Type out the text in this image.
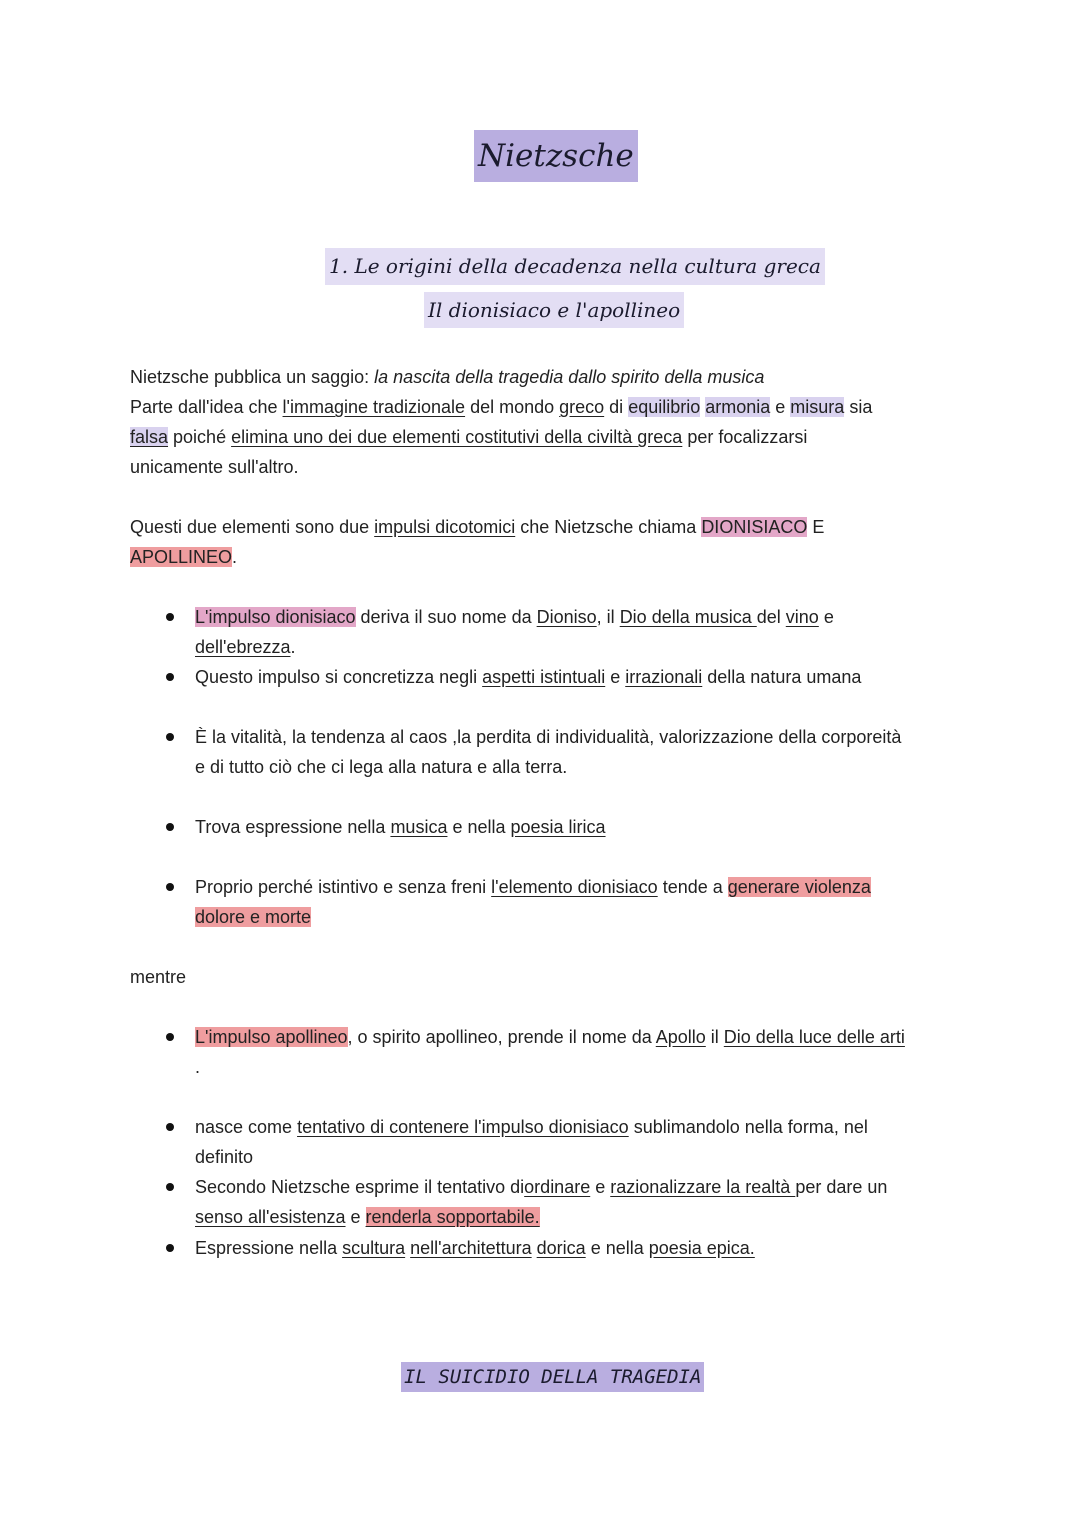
Nietzsche
1. Le origini della decadenza nella cultura greca
Il dionisiaco e l'apollineo
Nietzsche pubblica un saggio: la nascita della tragedia dallo spirito della musica
Parte dall'idea che l'immagine tradizionale del mondo greco di equilibrio armonia e misura sia
falsa poiché elimina uno dei due elementi costitutivi della civiltà greca per focalizzarsi
unicamente sull'altro.
Questi due elementi sono due impulsi dicotomici che Nietzsche chiama DIONISIACO E
APOLLINEO.
L'impulso dionisiaco deriva il suo nome da Dioniso, il Dio della musica del vino e
dell'ebrezza.
Questo impulso si concretizza negli aspetti istintuali e irrazionali della natura umana
È la vitalità, la tendenza al caos ,la perdita di individualità, valorizzazione della corporeità
e di tutto ciò che ci lega alla natura e alla terra.
Trova espressione nella musica e nella poesia lirica
Proprio perché istintivo e senza freni l'elemento dionisiaco tende a generare violenza
dolore e morte
mentre
L'impulso apollineo, o spirito apollineo, prende il nome da Apollo il Dio della luce delle arti
.
nasce come tentativo di contenere l'impulso dionisiaco sublimandolo nella forma, nel
definito
Secondo Nietzsche esprime il tentativo diordinare e razionalizzare la realtà per dare un
senso all'esistenza e renderla sopportabile.
Espressione nella scultura nell'architettura dorica e nella poesia epica.
IL SUICIDIO DELLA TRAGEDIA
